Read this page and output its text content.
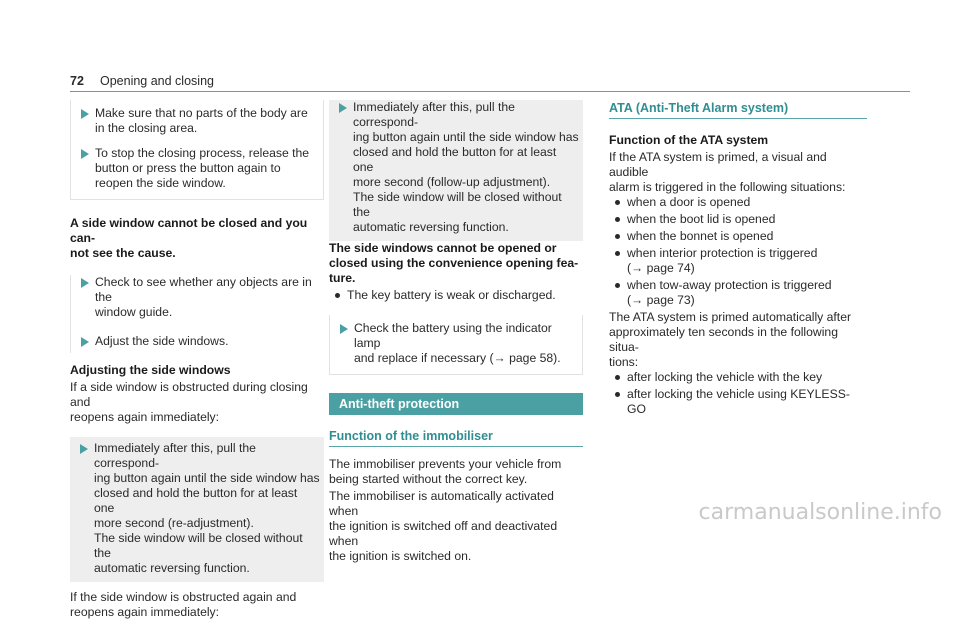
72 Opening and closing
Make sure that no parts of the body are
in the closing area.
To stop the closing process, release the
button or press the button again to
reopen the side window.
A side window cannot be closed and you can-
not see the cause.
Check to see whether any objects are in the
window guide.
Adjust the side windows.
Adjusting the side windows
If a side window is obstructed during closing and
reopens again immediately:
Immediately after this, pull the correspond-
ing button again until the side window has
closed and hold the button for at least one
more second (re-adjustment).
The side window will be closed without the
automatic reversing function.
If the side window is obstructed again and
reopens again immediately:
Immediately after this, pull the correspond-
ing button again until the side window has
closed and hold the button for at least one
more second (follow-up adjustment).
The side window will be closed without the
automatic reversing function.
The side windows cannot be opened or
closed using the convenience opening fea-
ture.
The key battery is weak or discharged.
Check the battery using the indicator lamp
and replace if necessary (→ page 58).
Anti-theft protection
Function of the immobiliser
The immobiliser prevents your vehicle from
being started without the correct key.
The immobiliser is automatically activated when
the ignition is switched off and deactivated when
the ignition is switched on.
ATA (Anti-Theft Alarm system)
Function of the ATA system
If the ATA system is primed, a visual and audible
alarm is triggered in the following situations:
when a door is opened
when the boot lid is opened
when the bonnet is opened
when interior protection is triggered
(→ page 74)
when tow-away protection is triggered
(→ page 73)
The ATA system is primed automatically after
approximately ten seconds in the following situa-
tions:
after locking the vehicle with the key
after locking the vehicle using KEYLESS-GO
carmanualsonline.info
